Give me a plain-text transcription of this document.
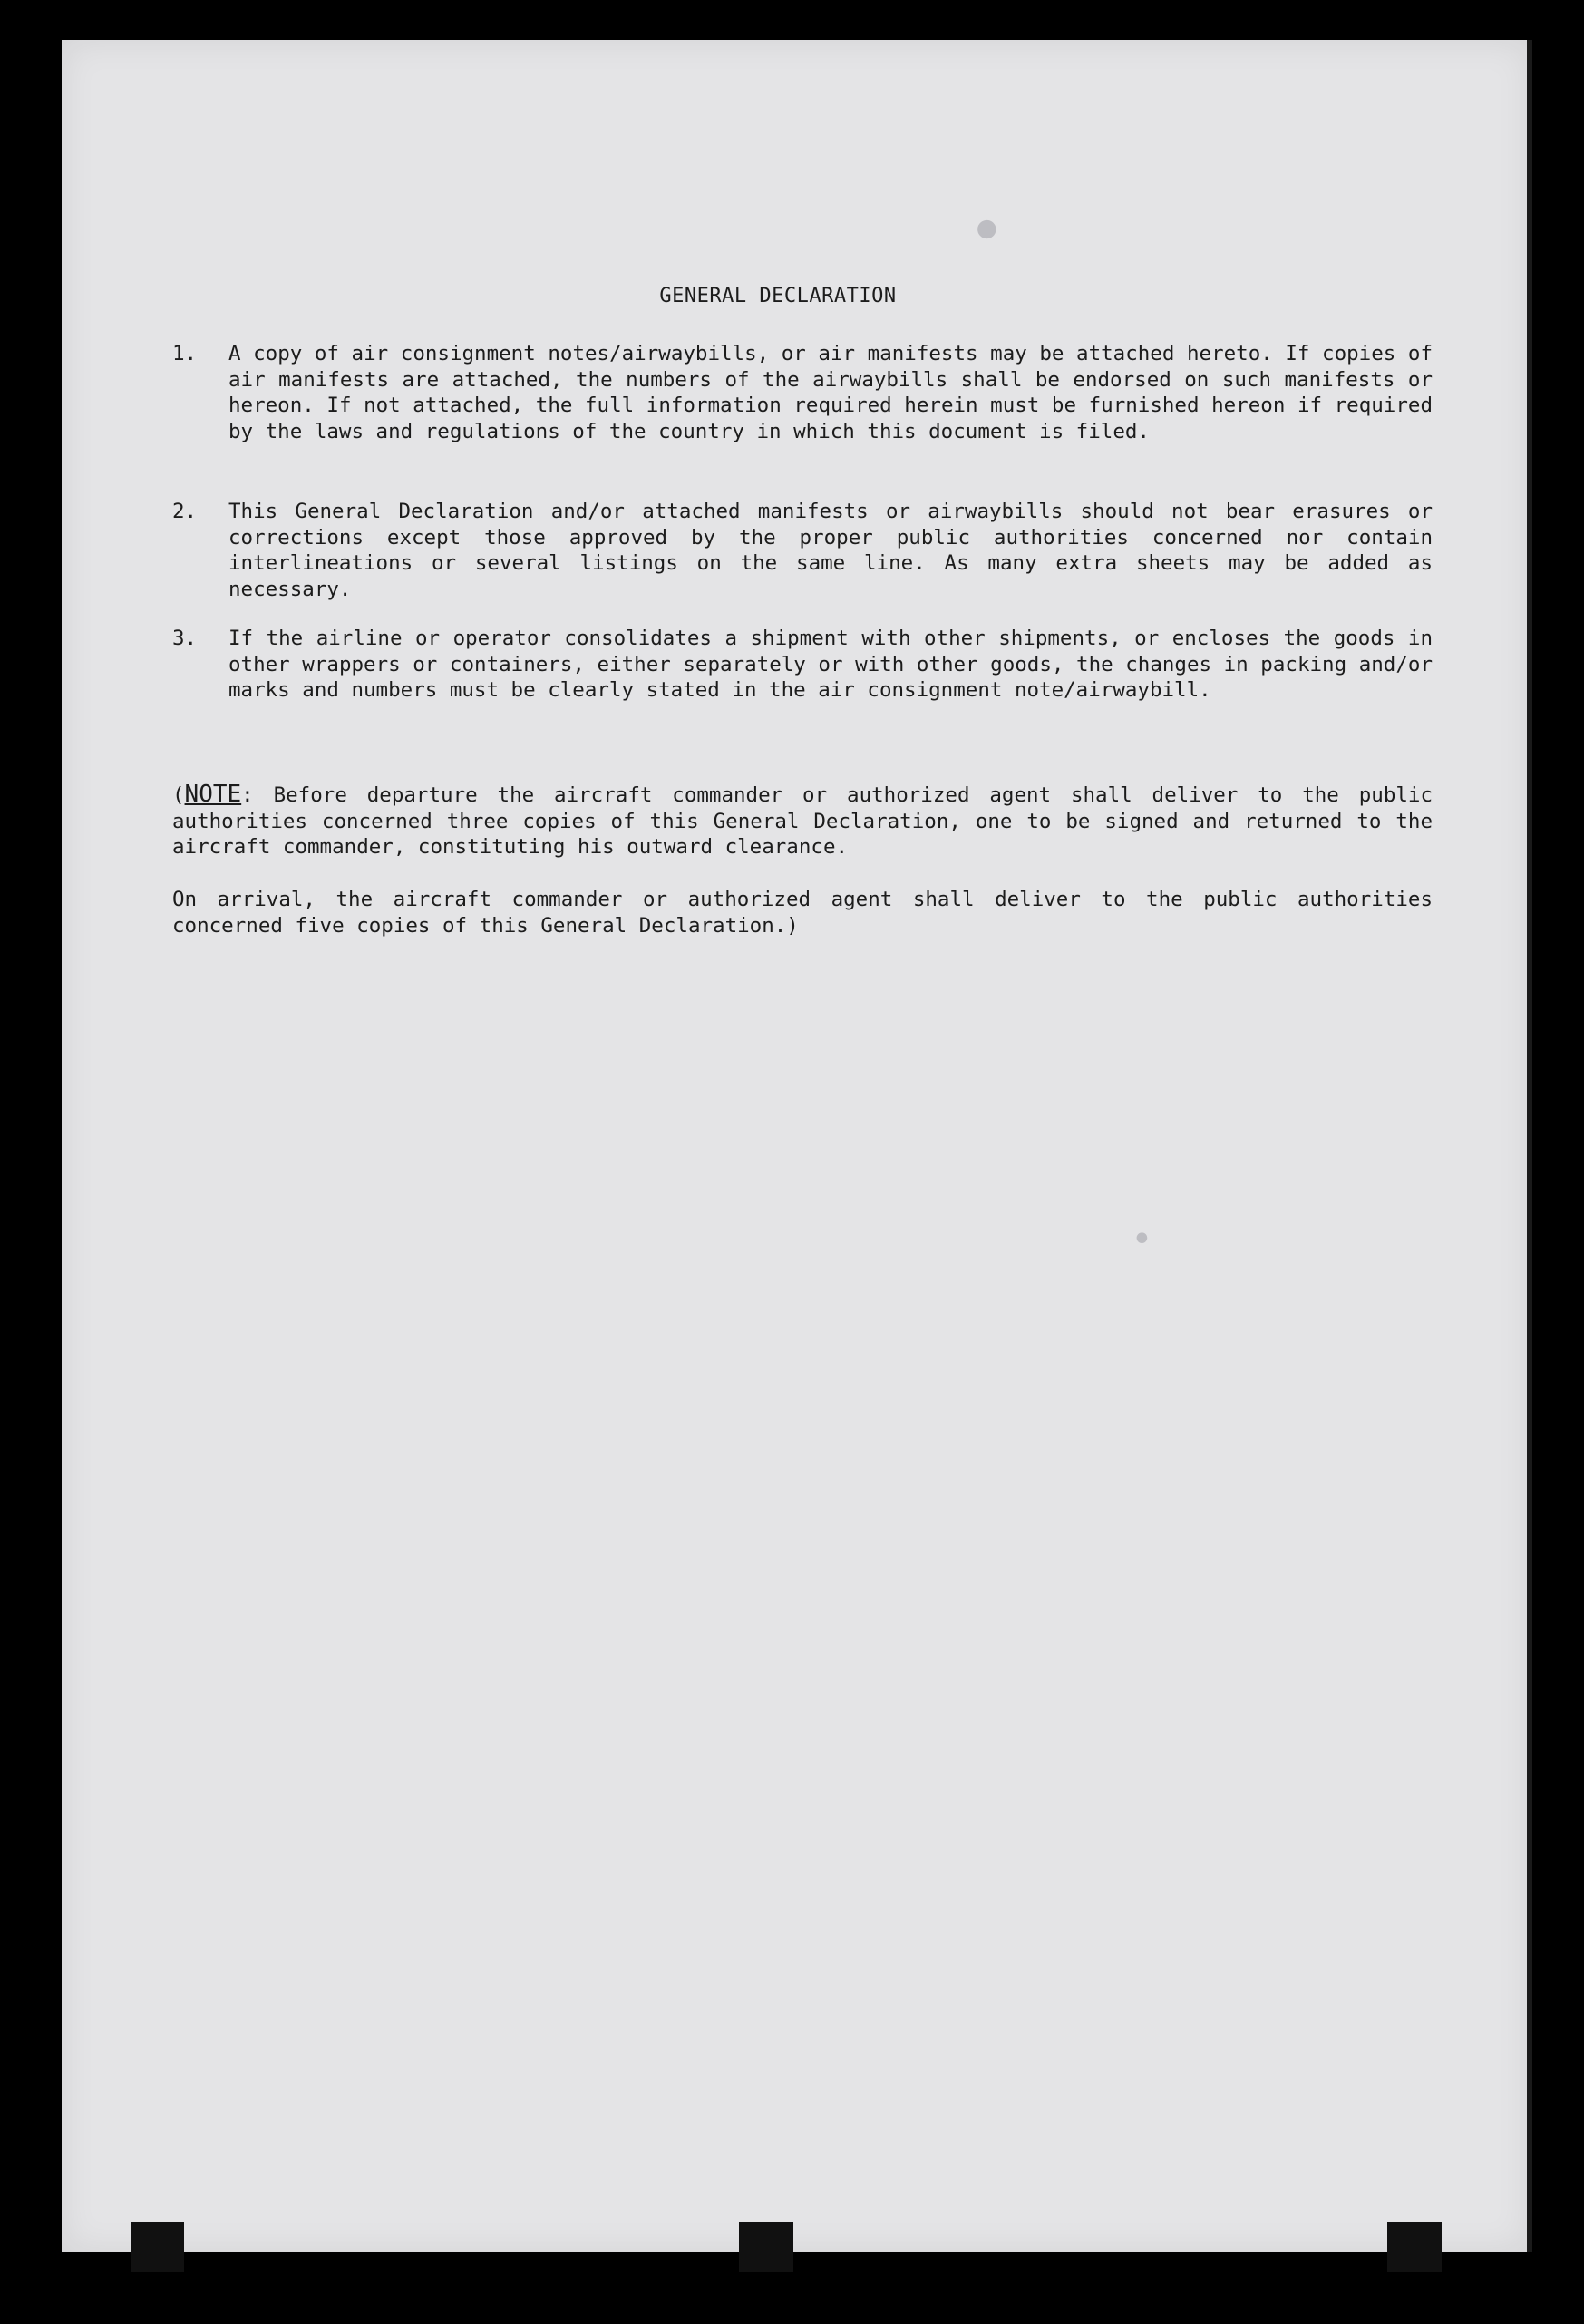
•
•
GENERAL DECLARATION
1.	A copy of air consignment notes/airwaybills, or air manifests may be attached hereto. If copies of air manifests are attached, the numbers of the airwaybills shall be endorsed on such manifests or hereon. If not attached, the full information required herein must be furnished hereon if required by the laws and regulations of the country in which this document is filed.
2.	This General Declaration and/or attached manifests or airwaybills should not bear erasures or corrections except those approved by the proper public authorities concerned nor contain interlineations or several listings on the same line. As many extra sheets may be added as necessary.
3.	If the airline or operator consolidates a shipment with other shipments, or encloses the goods in other wrappers or containers, either separately or with other goods, the changes in packing and/or marks and numbers must be clearly stated in the air consignment note/airwaybill.
(NOTE: Before departure the aircraft commander or authorized agent shall deliver to the public authorities concerned three copies of this General Declaration, one to be signed and returned to the aircraft commander, constituting his outward clearance.
On arrival, the aircraft commander or authorized agent shall deliver to the public authorities concerned five copies of this General Declaration.)
